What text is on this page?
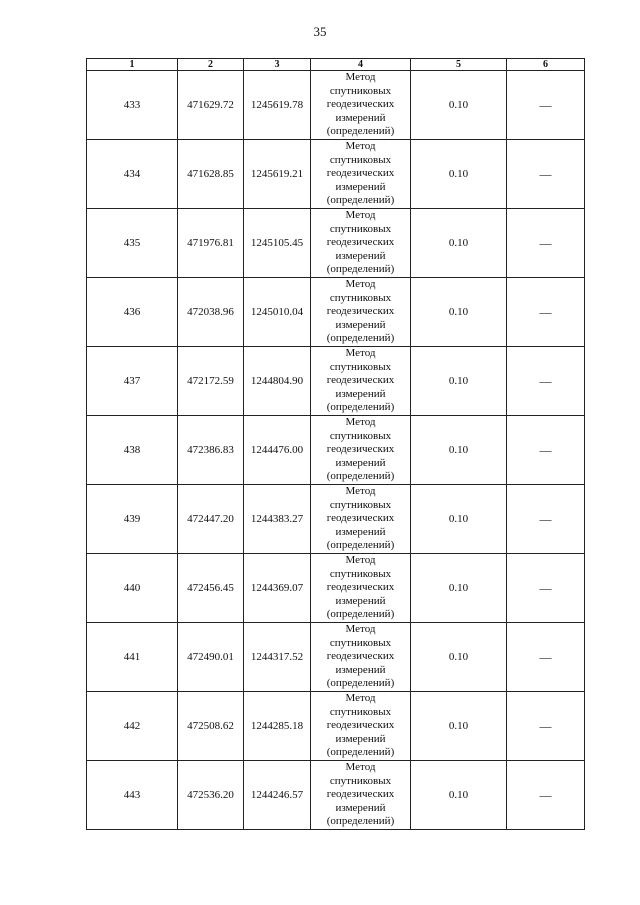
35
1	2	3	4	5	6
433	471629.72	1245619.78	Метод
спутниковых
геодезических
измерений
(определений)	0.10	—
434	471628.85	1245619.21	Метод
спутниковых
геодезических
измерений
(определений)	0.10	—
435	471976.81	1245105.45	Метод
спутниковых
геодезических
измерений
(определений)	0.10	—
436	472038.96	1245010.04	Метод
спутниковых
геодезических
измерений
(определений)	0.10	—
437	472172.59	1244804.90	Метод
спутниковых
геодезических
измерений
(определений)	0.10	—
438	472386.83	1244476.00	Метод
спутниковых
геодезических
измерений
(определений)	0.10	—
439	472447.20	1244383.27	Метод
спутниковых
геодезических
измерений
(определений)	0.10	—
440	472456.45	1244369.07	Метод
спутниковых
геодезических
измерений
(определений)	0.10	—
441	472490.01	1244317.52	Метод
спутниковых
геодезических
измерений
(определений)	0.10	—
442	472508.62	1244285.18	Метод
спутниковых
геодезических
измерений
(определений)	0.10	—
443	472536.20	1244246.57	Метод
спутниковых
геодезических
измерений
(определений)	0.10	—
